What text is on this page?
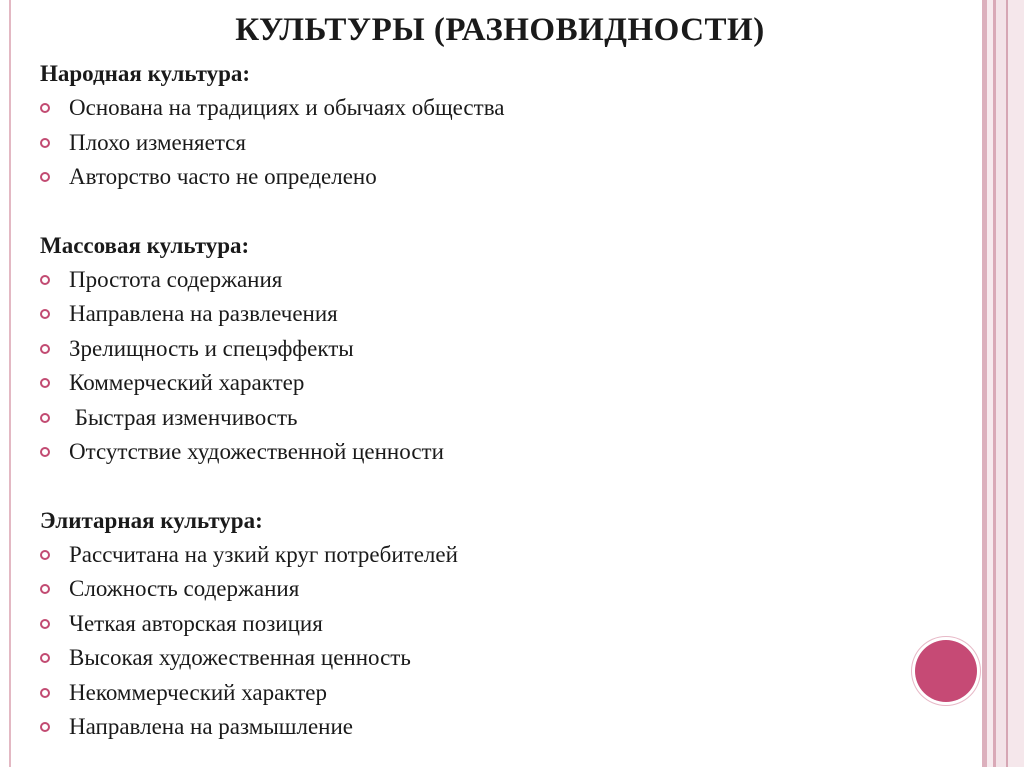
КУЛЬТУРЫ (РАЗНОВИДНОСТИ)
Народная культура:
Основана на традициях и обычаях общества
Плохо изменяется
Авторство часто не определено
Массовая культура:
Простота содержания
Направлена на развлечения
Зрелищность и спецэффекты
Коммерческий характер
Быстрая изменчивость
Отсутствие художественной ценности
Элитарная культура:
Рассчитана на узкий круг потребителей
Сложность содержания
Четкая авторская позиция
Высокая художественная ценность
Некоммерческий характер
Направлена на размышление
